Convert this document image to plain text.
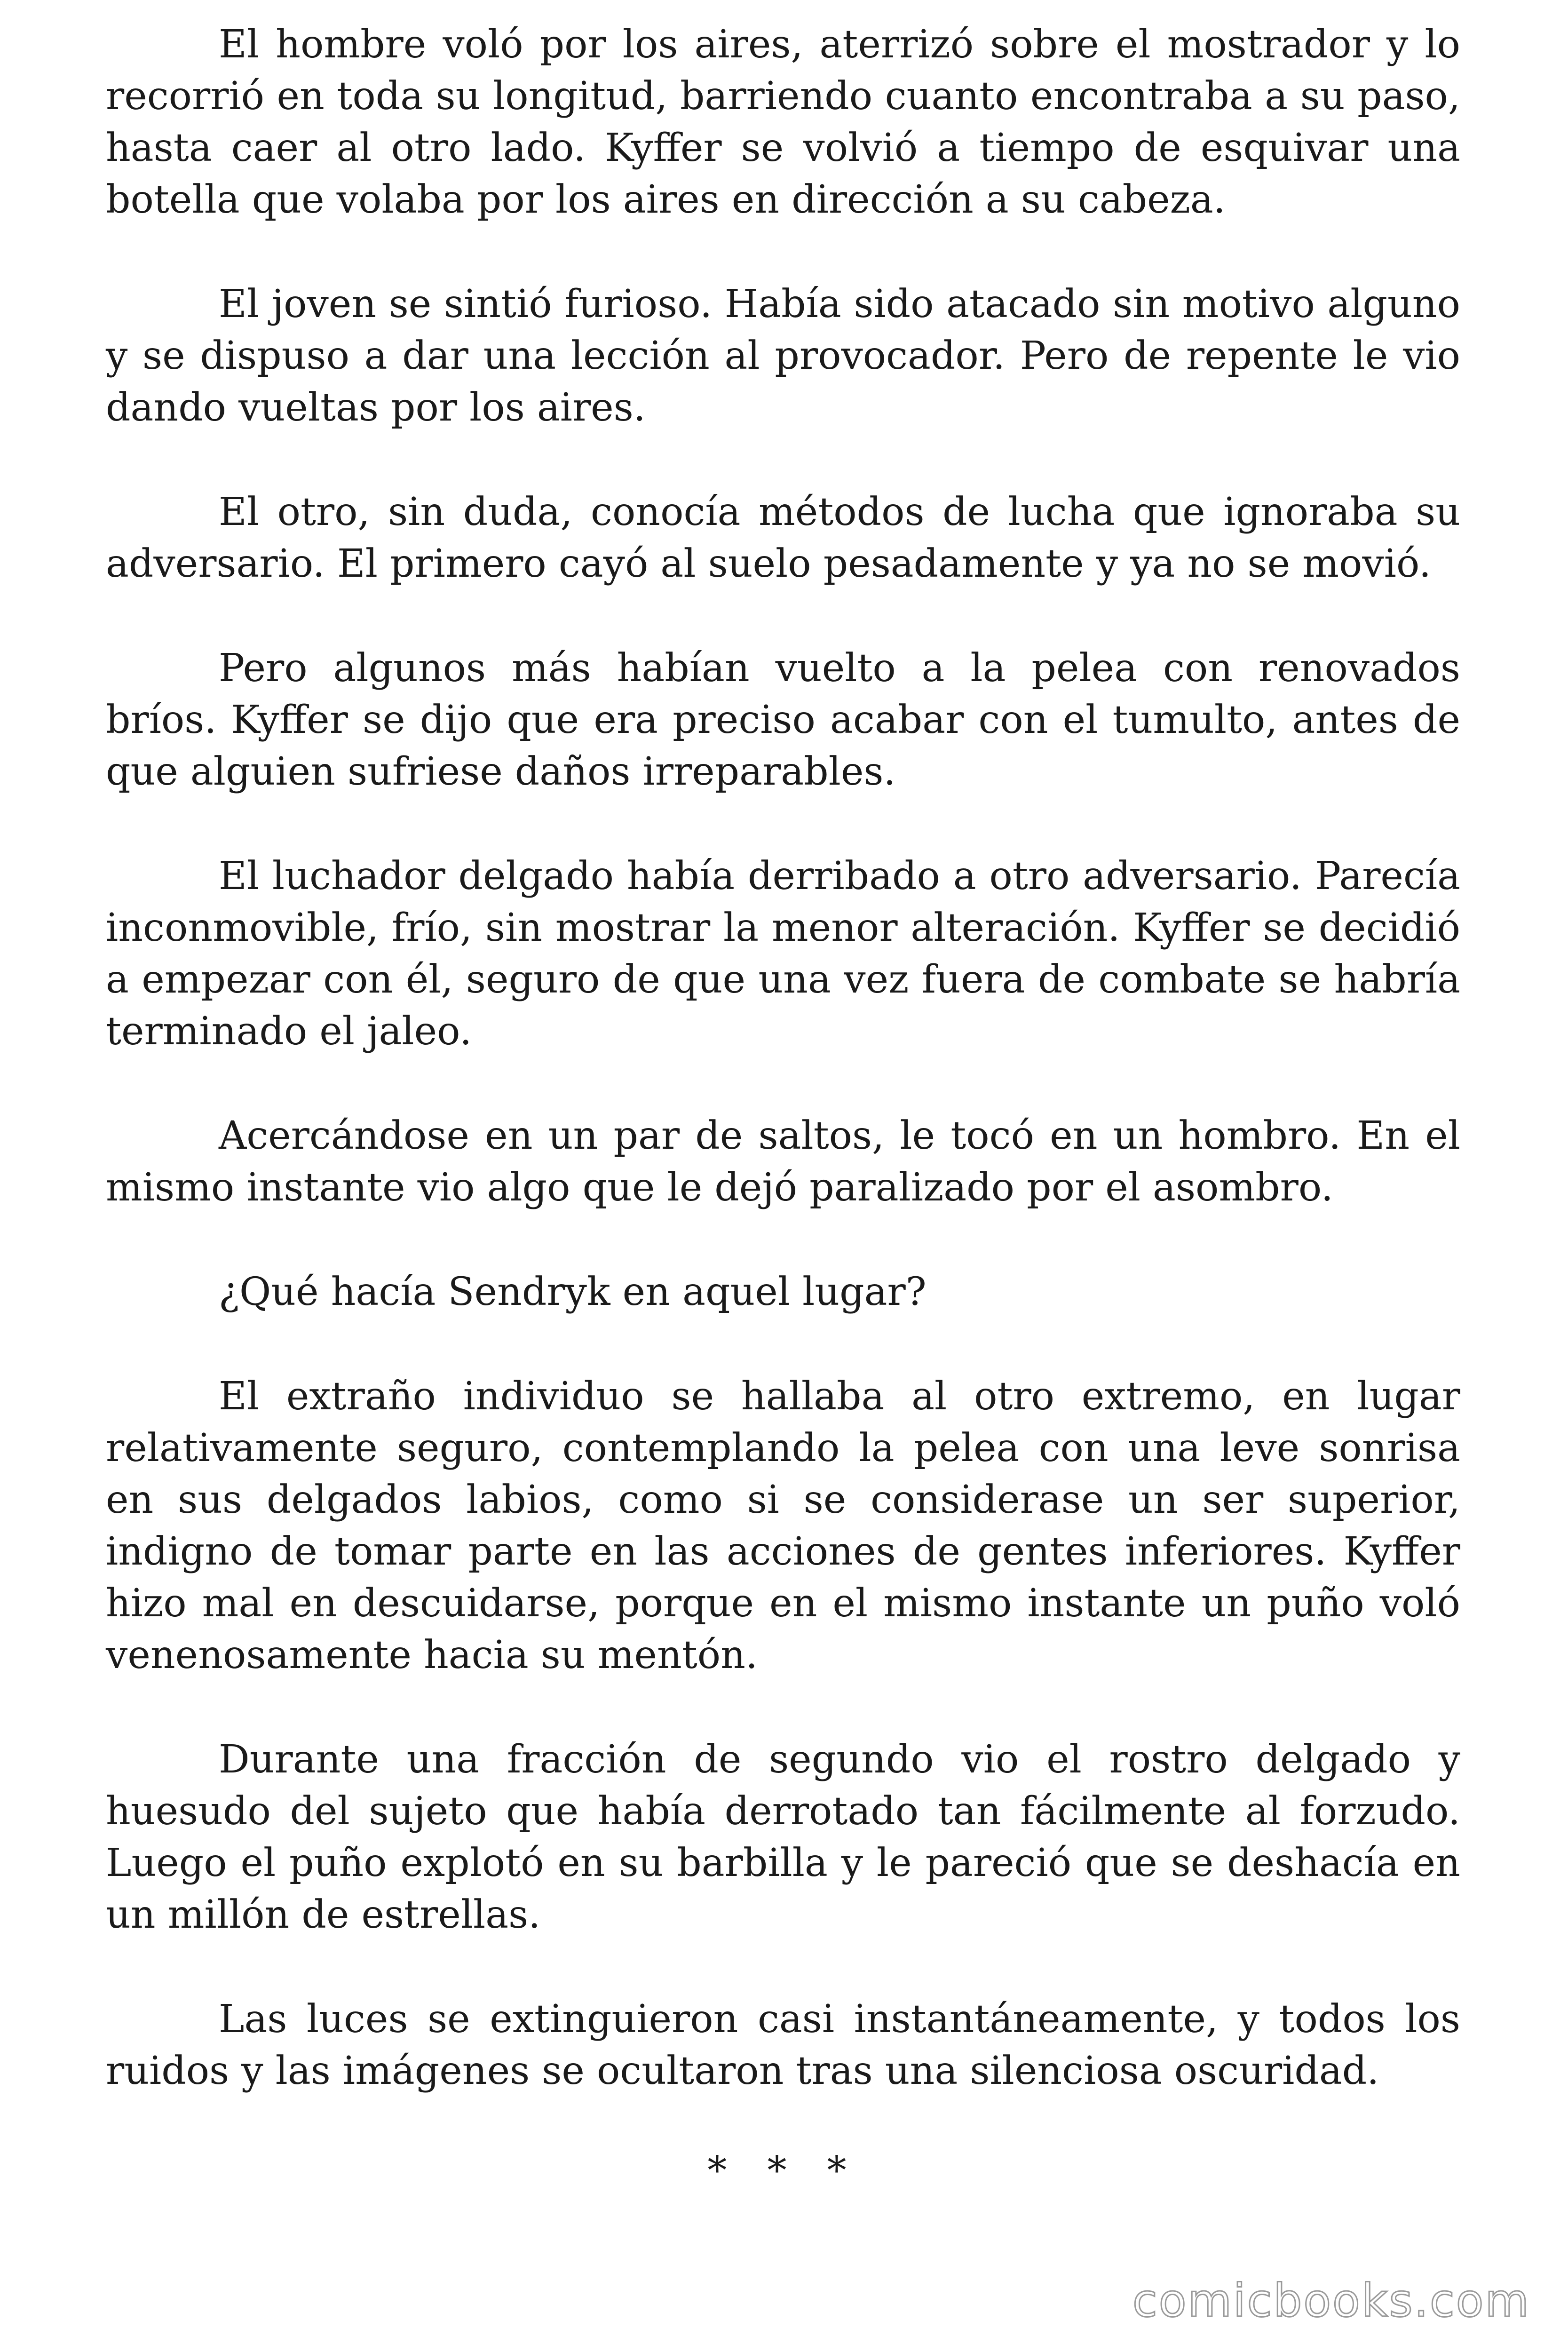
El hombre voló por los aires, aterrizó sobre el mostrador y lo recorrió en toda su longitud, barriendo cuanto encontraba a su paso, hasta caer al otro lado. Kyffer se volvió a tiempo de esquivar una botella que volaba por los aires en dirección a su cabeza.

El joven se sintió furioso. Había sido atacado sin motivo alguno y se dispuso a dar una lección al provocador. Pero de repente le vio dando vueltas por los aires.

El otro, sin duda, conocía métodos de lucha que ignoraba su adversario. El primero cayó al suelo pesadamente y ya no se movió.

Pero algunos más habían vuelto a la pelea con renovados bríos. Kyffer se dijo que era preciso acabar con el tumulto, antes de que alguien sufriese daños irreparables.

El luchador delgado había derribado a otro adversario. Parecía inconmovible, frío, sin mostrar la menor alteración. Kyffer se decidió a empezar con él, seguro de que una vez fuera de combate se habría terminado el jaleo.

Acercándose en un par de saltos, le tocó en un hombro. En el mismo instante vio algo que le dejó paralizado por el asombro.

¿Qué hacía Sendryk en aquel lugar?

El extraño individuo se hallaba al otro extremo, en lugar relativamente seguro, contemplando la pelea con una leve sonrisa en sus delgados labios, como si se considerase un ser superior, indigno de tomar parte en las acciones de gentes inferiores. Kyffer hizo mal en descuidarse, porque en el mismo instante un puño voló venenosamente hacia su mentón.

Durante una fracción de segundo vio el rostro delgado y huesudo del sujeto que había derrotado tan fácilmente al forzudo. Luego el puño explotó en su barbilla y le pareció que se deshacía en un millón de estrellas.

Las luces se extinguieron casi instantáneamente, y todos los ruidos y las imágenes se ocultaron tras una silenciosa oscuridad.

* * *
comicbooks.com
